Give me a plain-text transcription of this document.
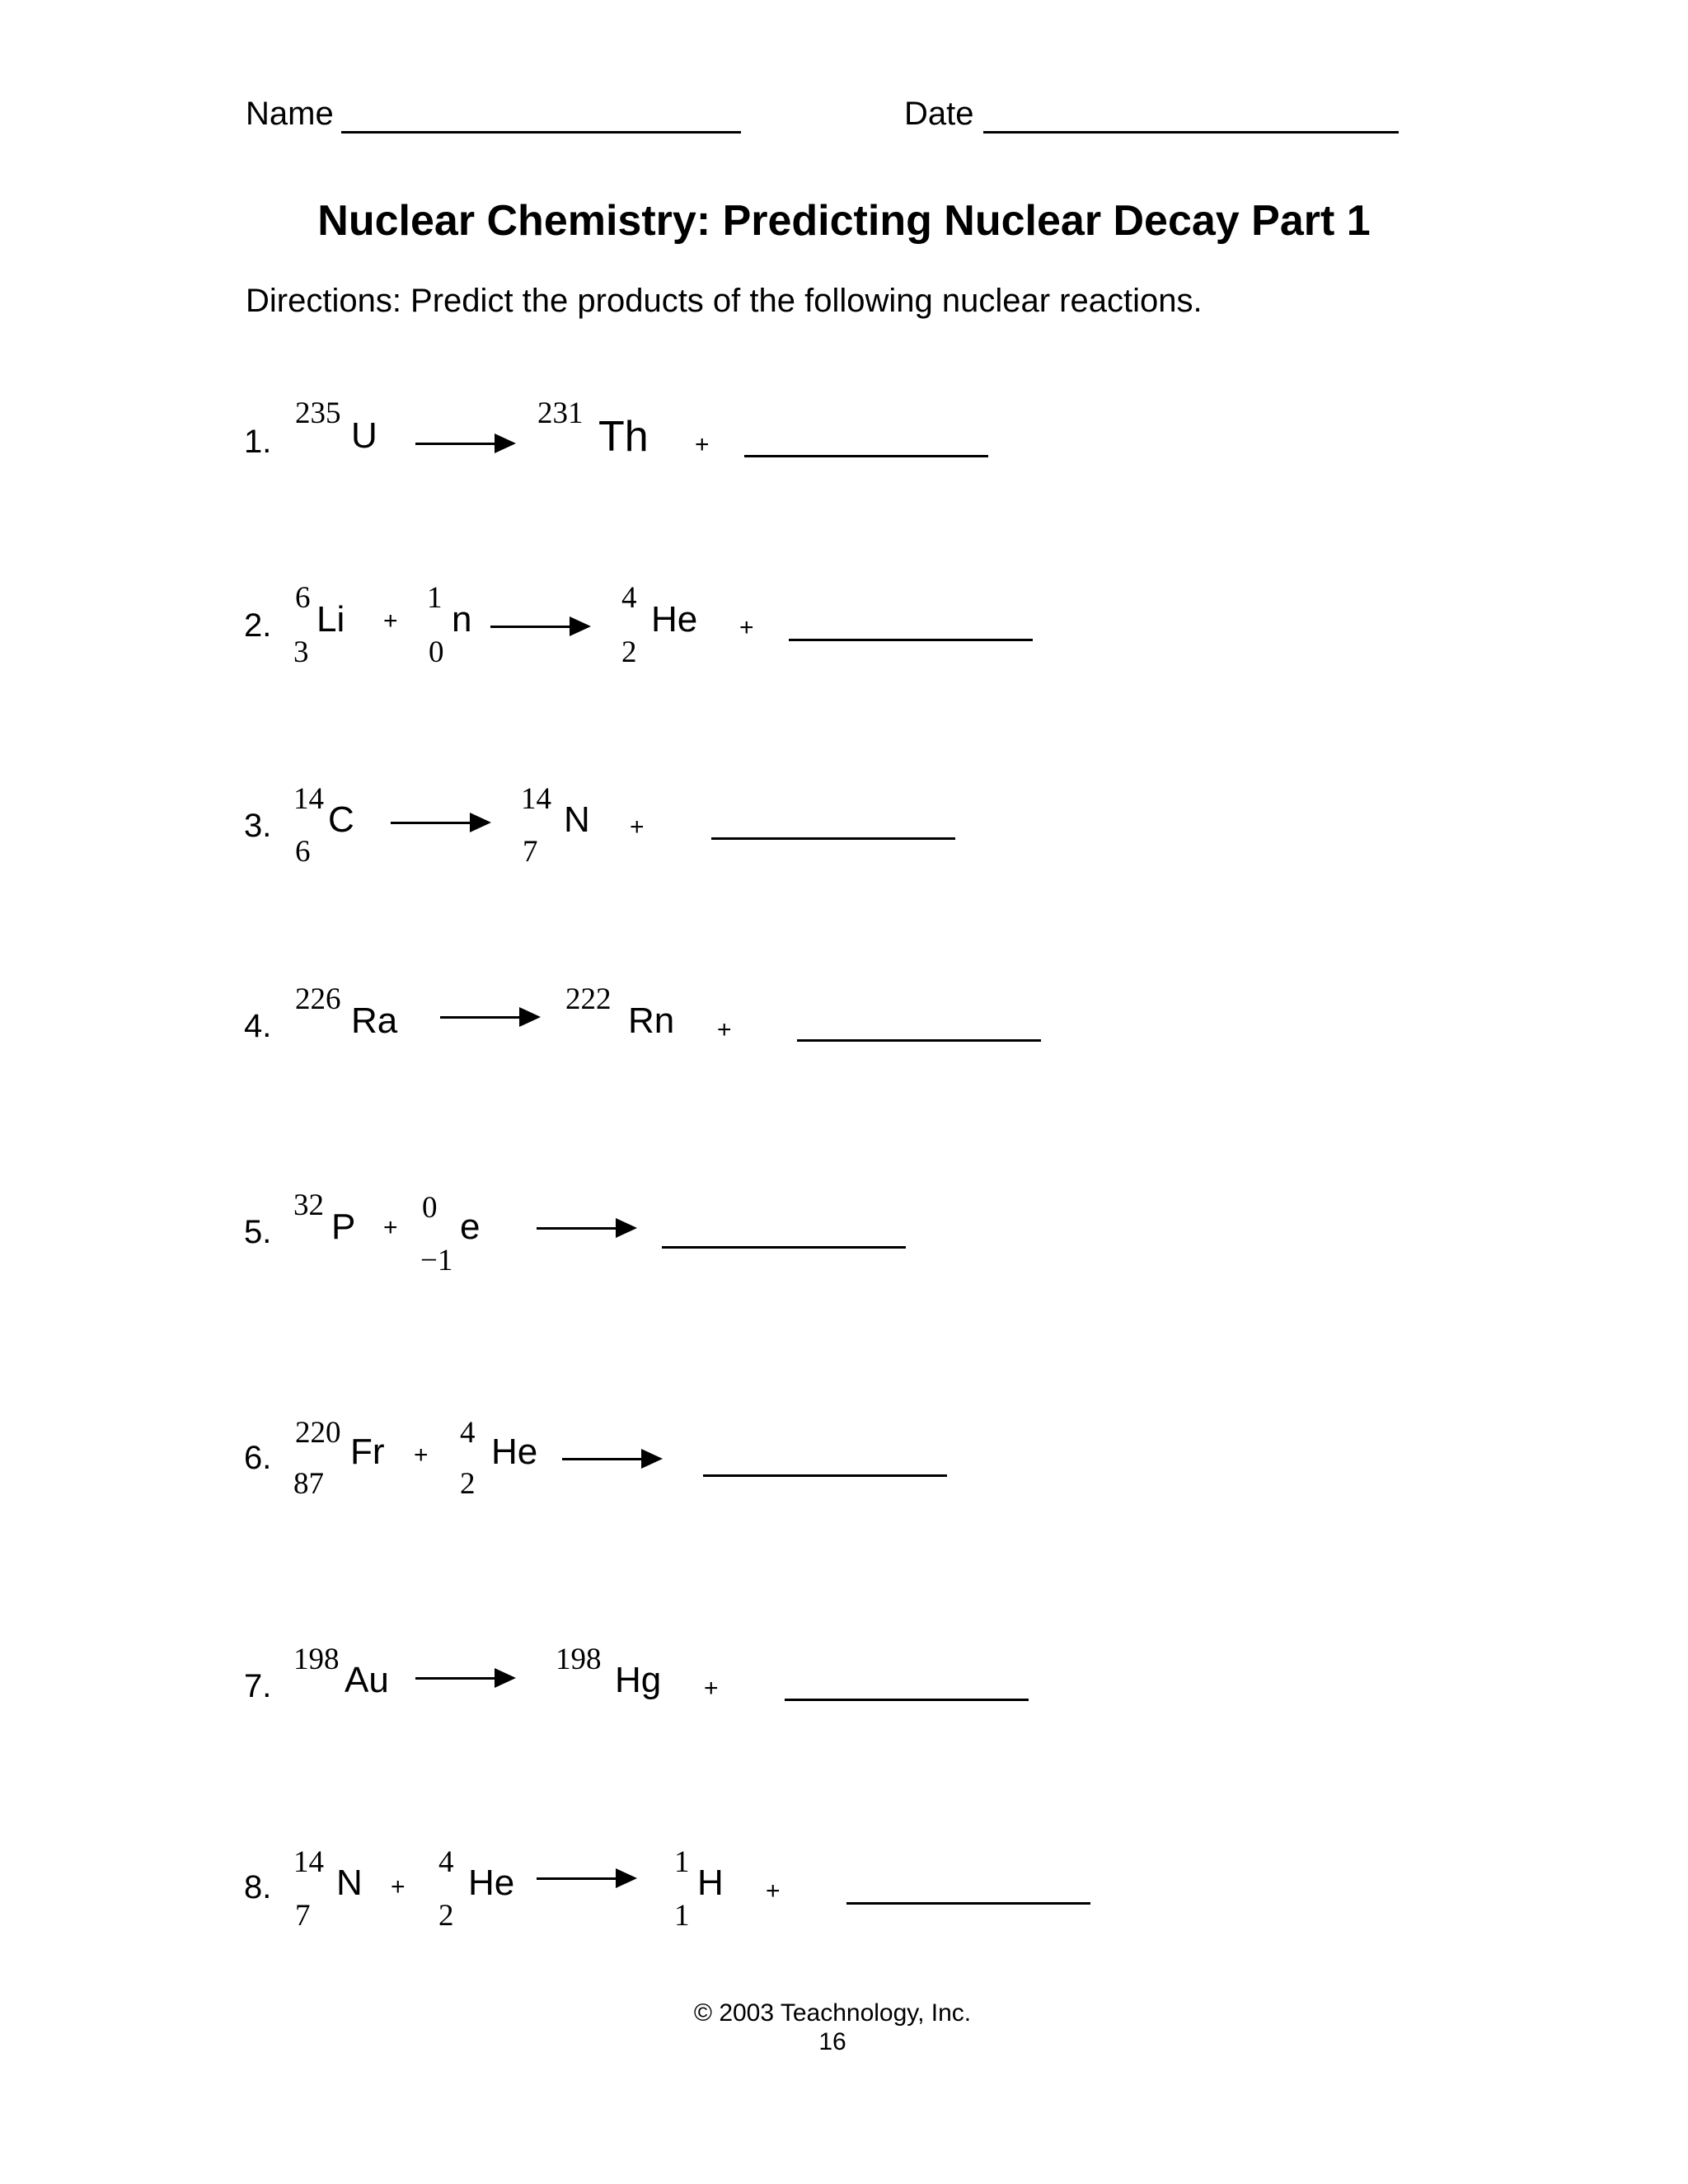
Name	Date
Nuclear Chemistry: Predicting Nuclear Decay Part 1
Directions: Predict the products of the following nuclear reactions.
1.
235
U
231 Th +
2.
6
3
Li +
1
0
n
4
2
He +
3.
14
6
C
14
7
N +
4.
226
Ra
222
Rn +
5.
32
P +
0
−1
e
6.
220
87
Fr +
4
2
He
7.
198
Au
198
Hg +
8.
14
7
N +
4
2
He
1
1
H +
© 2003 Teachnology, Inc.
16
